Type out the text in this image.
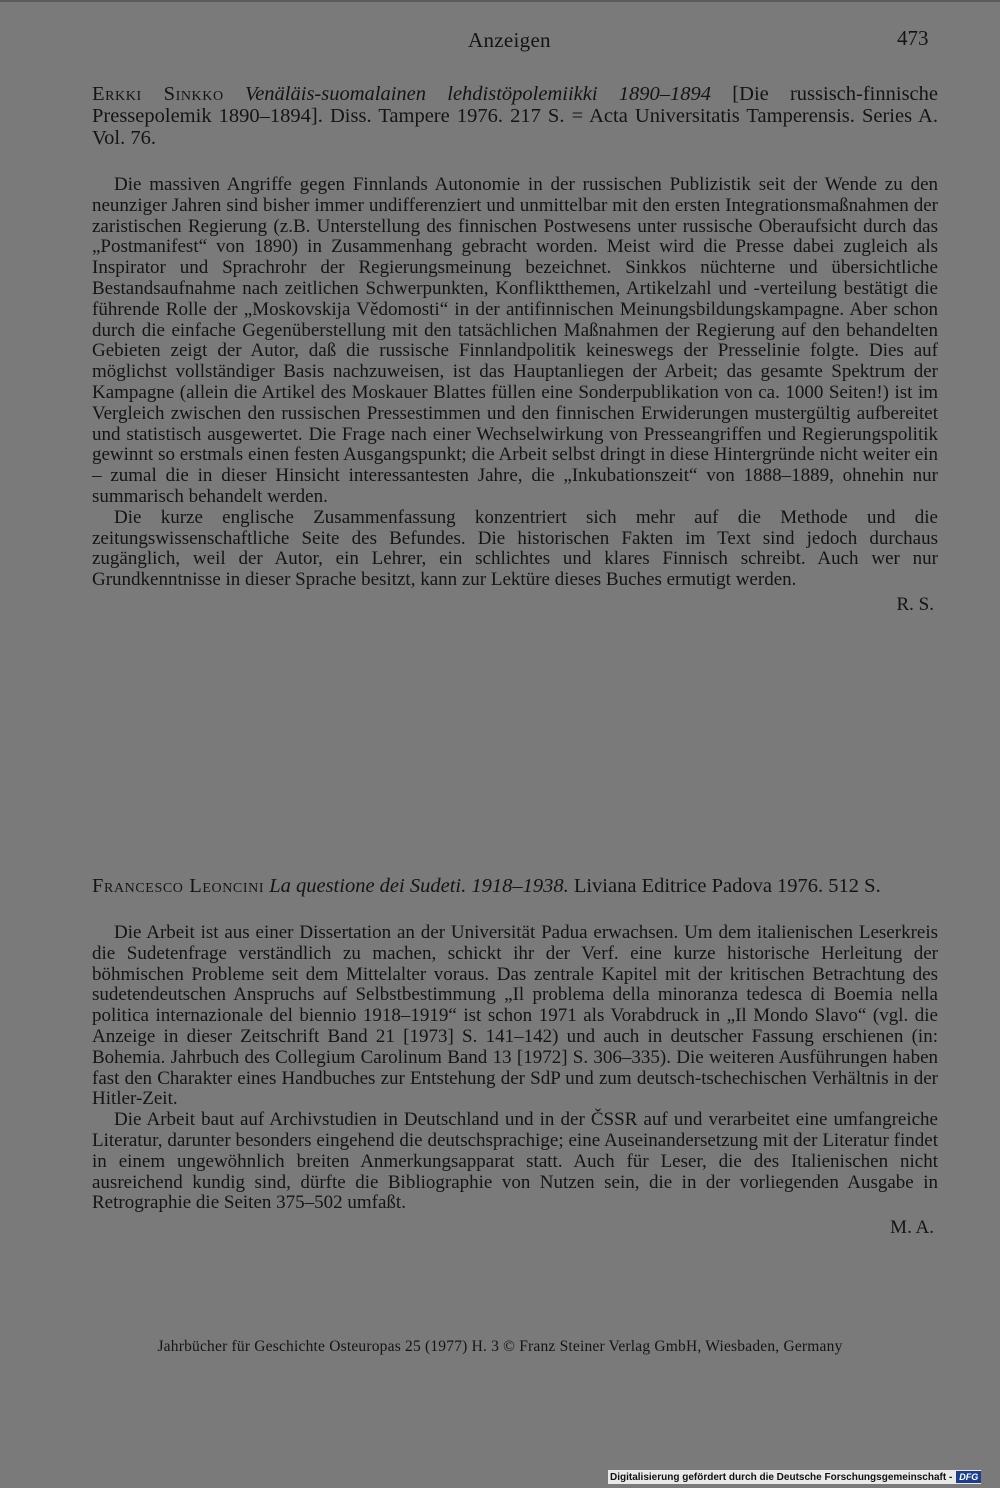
Anzeigen	473

Erkki Sinkko Venäläis-suomalainen lehdistöpolemiikki 1890–1894 [Die russisch-finnische Pressepolemik 1890–1894]. Diss. Tampere 1976. 217 S. = Acta Universitatis Tamperensis. Series A. Vol. 76.

Die massiven Angriffe gegen Finnlands Autonomie in der russischen Publizistik seit der Wende zu den neunziger Jahren sind bisher immer undifferenziert und unmittelbar mit den ersten Integrationsmaßnahmen der zaristischen Regierung (z.B. Unterstellung des finnischen Postwesens unter russische Oberaufsicht durch das „Postmanifest“ von 1890) in Zusammenhang gebracht worden. Meist wird die Presse dabei zugleich als Inspirator und Sprachrohr der Regierungsmeinung bezeichnet. Sinkkos nüchterne und übersichtliche Bestandsaufnahme nach zeitlichen Schwerpunkten, Konfliktthemen, Artikelzahl und -verteilung bestätigt die führende Rolle der „Moskovskija Vědomosti“ in der antifinnischen Meinungsbildungskampagne. Aber schon durch die einfache Gegenüberstellung mit den tatsächlichen Maßnahmen der Regierung auf den behandelten Gebieten zeigt der Autor, daß die russische Finnlandpolitik keineswegs der Presselinie folgte. Dies auf möglichst vollständiger Basis nachzuweisen, ist das Hauptanliegen der Arbeit; das gesamte Spektrum der Kampagne (allein die Artikel des Moskauer Blattes füllen eine Sonderpublikation von ca. 1000 Seiten!) ist im Vergleich zwischen den russischen Pressestimmen und den finnischen Erwiderungen mustergültig aufbereitet und statistisch ausgewertet. Die Frage nach einer Wechselwirkung von Presseangriffen und Regierungspolitik gewinnt so erstmals einen festen Ausgangspunkt; die Arbeit selbst dringt in diese Hintergründe nicht weiter ein – zumal die in dieser Hinsicht interessantesten Jahre, die „Inkubationszeit“ von 1888–1889, ohnehin nur summarisch behandelt werden.

Die kurze englische Zusammenfassung konzentriert sich mehr auf die Methode und die zeitungswissenschaftliche Seite des Befundes. Die historischen Fakten im Text sind jedoch durchaus zugänglich, weil der Autor, ein Lehrer, ein schlichtes und klares Finnisch schreibt. Auch wer nur Grundkenntnisse in dieser Sprache besitzt, kann zur Lektüre dieses Buches ermutigt werden.

R. S.

Francesco Leoncini La questione dei Sudeti. 1918–1938. Liviana Editrice Padova 1976. 512 S.

Die Arbeit ist aus einer Dissertation an der Universität Padua erwachsen. Um dem italienischen Leserkreis die Sudetenfrage verständlich zu machen, schickt ihr der Verf. eine kurze historische Herleitung der böhmischen Probleme seit dem Mittelalter voraus. Das zentrale Kapitel mit der kritischen Betrachtung des sudetendeutschen Anspruchs auf Selbstbestimmung „Il problema della minoranza tedesca di Boemia nella politica internazionale del biennio 1918–1919“ ist schon 1971 als Vorabdruck in „Il Mondo Slavo“ (vgl. die Anzeige in dieser Zeitschrift Band 21 [1973] S. 141–142) und auch in deutscher Fassung erschienen (in: Bohemia. Jahrbuch des Collegium Carolinum Band 13 [1972] S. 306–335). Die weiteren Ausführungen haben fast den Charakter eines Handbuches zur Entstehung der SdP und zum deutsch-tschechischen Verhältnis in der Hitler-Zeit.

Die Arbeit baut auf Archivstudien in Deutschland und in der ČSSR auf und verarbeitet eine umfangreiche Literatur, darunter besonders eingehend die deutschsprachige; eine Auseinandersetzung mit der Literatur findet in einem ungewöhnlich breiten Anmerkungsapparat statt. Auch für Leser, die des Italienischen nicht ausreichend kundig sind, dürfte die Bibliographie von Nutzen sein, die in der vorliegenden Ausgabe in Retrographie die Seiten 375–502 umfaßt.

M. A.

Jahrbücher für Geschichte Osteuropas 25 (1977) H. 3 © Franz Steiner Verlag GmbH, Wiesbaden, Germany
Digitalisierung gefördert durch die Deutsche Forschungsgemeinschaft - DFG
